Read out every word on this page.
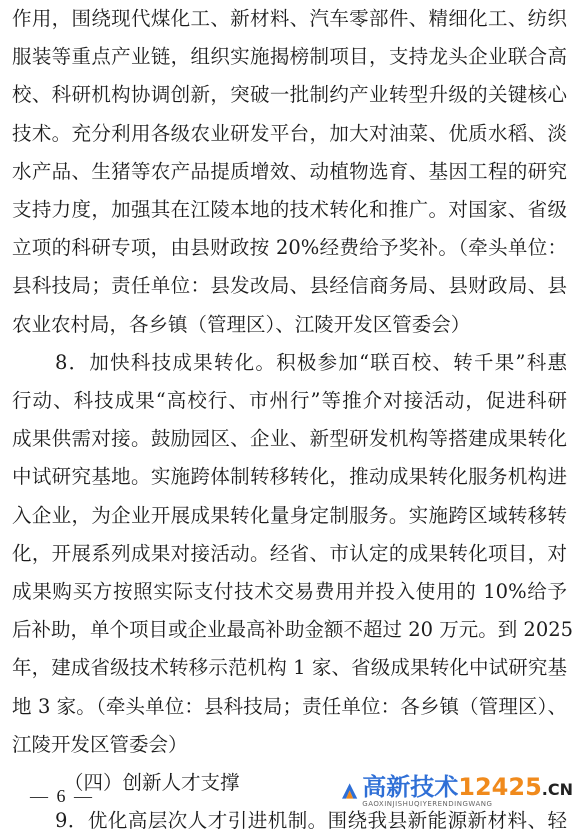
作用，围绕现代煤化工、新材料、汽车零部件、精细化工、纺织
服装等重点产业链，组织实施揭榜制项目，支持龙头企业联合高
校、科研机构协调创新，突破一批制约产业转型升级的关键核心
技术。充分利用各级农业研发平台，加大对油菜、优质水稻、淡
水产品、生猪等农产品提质增效、动植物选育、基因工程的研究
支持力度，加强其在江陵本地的技术转化和推广。对国家、省级
立项的科研专项，由县财政按 20%经费给予奖补。（牵头单位：
县科技局；责任单位：县发改局、县经信商务局、县财政局、县
农业农村局，各乡镇（管理区）、江陵开发区管委会）
8．加快科技成果转化。积极参加“联百校、转千果”科惠
行动、科技成果“高校行、市州行”等推介对接活动，促进科研
成果供需对接。鼓励园区、企业、新型研发机构等搭建成果转化
中试研究基地。实施跨体制转移转化，推动成果转化服务机构进
入企业，为企业开展成果转化量身定制服务。实施跨区域转移转
化，开展系列成果对接活动。经省、市认定的成果转化项目，对
成果购买方按照实际支付技术交易费用并投入使用的 10%给予
后补助，单个项目或企业最高补助金额不超过 20 万元。到 2025
年，建成省级技术转移示范机构 1 家、省级成果转化中试研究基
地 3 家。（牵头单位：县科技局；责任单位：各乡镇（管理区）、
江陵开发区管委会）
（四）创新人才支撑
9．优化高层次人才引进机制。围绕我县新能源新材料、轻
— 6 —	高新技术12425.CN
GAOXINJISHUQIYERENDINGWANG
